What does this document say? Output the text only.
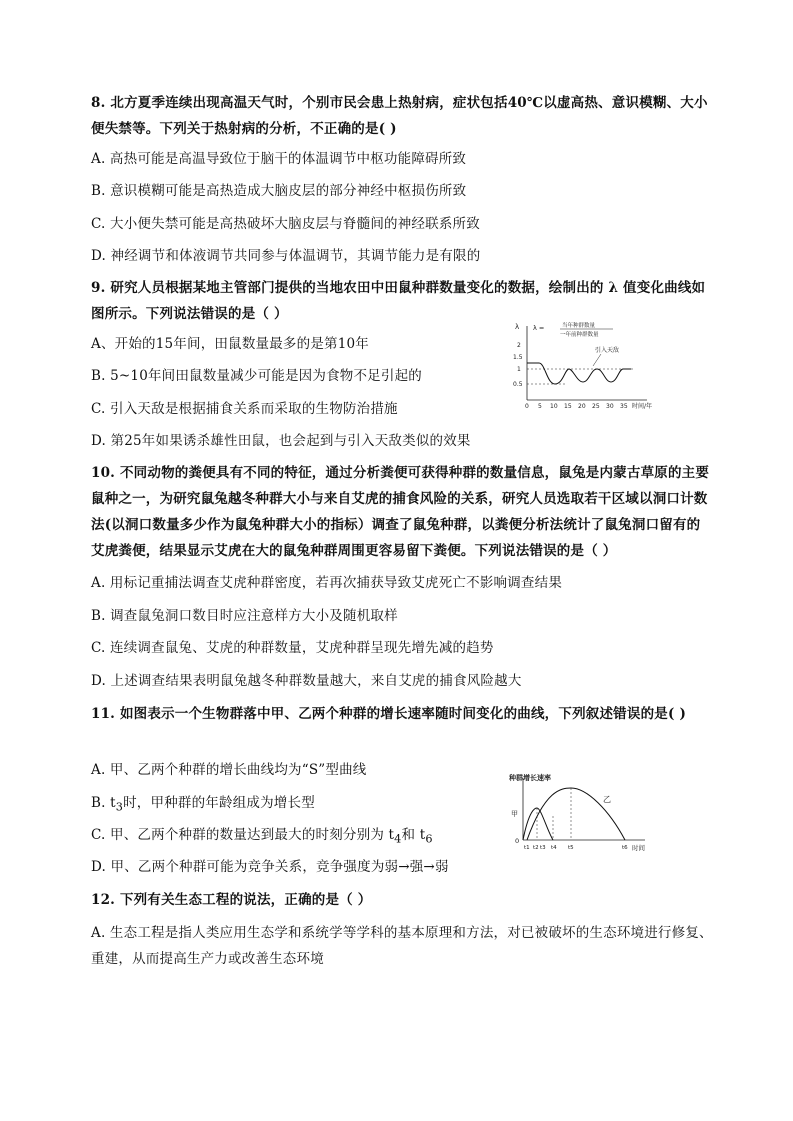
8. 北方夏季连续出现高温天气时，个别市民会患上热射病，症状包括40℃以虚高热、意识模糊、大小便失禁等。下列关于热射病的分析，不正确的是( )

A. 高热可能是高温导致位于脑干的体温调节中枢功能障碍所致

B. 意识模糊可能是高热造成大脑皮层的部分神经中枢损伤所致

C. 大小便失禁可能是高热破坏大脑皮层与脊髓间的神经联系所致

D. 神经调节和体液调节共同参与体温调节，其调节能力是有限的

9. 研究人员根据某地主管部门提供的当地农田中田鼠种群数量变化的数据，绘制出的 λ 值变化曲线如图所示。下列说法错误的是（ ）

A、开始的15年间，田鼠数量最多的是第10年

B. 5~10年间田鼠数量减少可能是因为食物不足引起的

C. 引入天敌是根据捕食关系而采取的生物防治措施

D. 第25年如果诱杀雄性田鼠，也会起到与引入天敌类似的效果

λ λ =	当年种群数量
一年前种群数量
2
1.5
1
0.5
引入天敌
0 5 10 15 20 25 30 35 时间/年

10. 不同动物的粪便具有不同的特征，通过分析粪便可获得种群的数量信息，鼠兔是内蒙古草原的主要鼠种之一，为研究鼠兔越冬种群大小与来自艾虎的捕食风险的关系，研究人员选取若干区域以洞口计数法(以洞口数量多少作为鼠兔种群大小的指标）调查了鼠兔种群，以粪便分析法统计了鼠兔洞口留有的艾虎粪便，结果显示艾虎在大的鼠兔种群周围更容易留下粪便。下列说法错误的是（ ）

A. 用标记重捕法调查艾虎种群密度，若再次捕获导致艾虎死亡不影响调查结果

B. 调查鼠兔洞口数目时应注意样方大小及随机取样

C. 连续调查鼠兔、艾虎的种群数量，艾虎种群呈现先增先减的趋势

D. 上述调查结果表明鼠兔越冬种群数量越大，来自艾虎的捕食风险越大

11. 如图表示一个生物群落中甲、乙两个种群的增长速率随时间变化的曲线，下列叙述错误的是( )

A. 甲、乙两个种群的增长曲线均为“S”型曲线

B. $t_3$时，甲种群的年龄组成为增长型

C. 甲、乙两个种群的数量达到最大的时刻分别为 $t_4$和 $t_6$

D. 甲、乙两个种群可能为竞争关系，竞争强度为弱→强→弱

种群增长速率
0
时间
甲
乙
t1 t2 t3 t4 t5	t6

12. 下列有关生态工程的说法，正确的是（ ）

A. 生态工程是指人类应用生态学和系统学等学科的基本原理和方法，对已被破坏的生态环境进行修复、重建，从而提高生产力或改善生态环境
